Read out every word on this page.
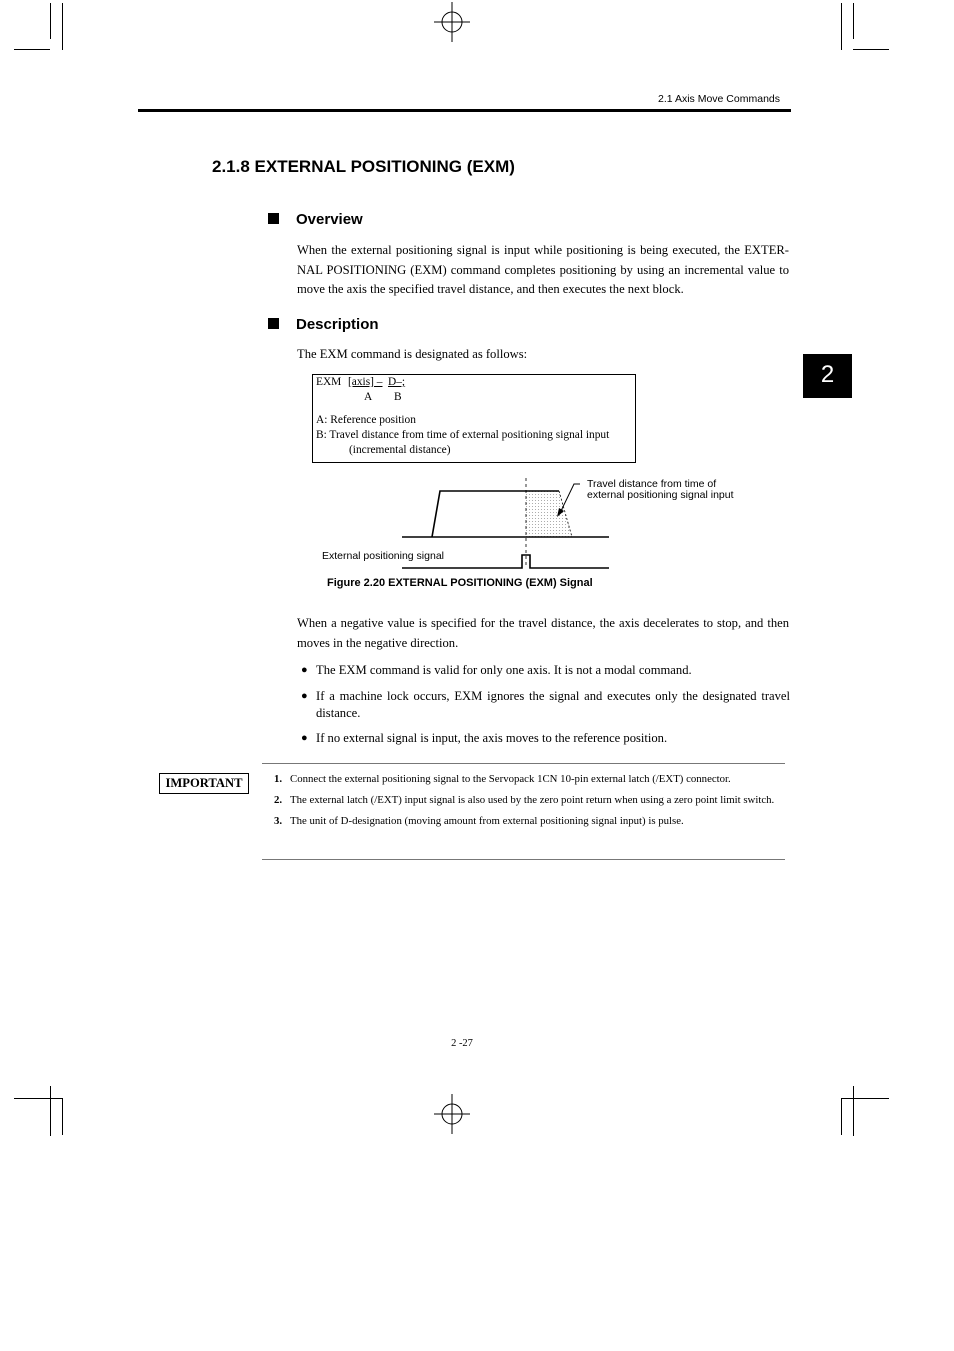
2.1 Axis Move Commands
2
2.1.8 EXTERNAL POSITIONING (EXM)
Overview
When the external positioning signal is input while positioning is being executed, the EXTER-NAL POSITIONING (EXM) command completes positioning by using an incremental value to move the axis the specified travel distance, and then executes the next block.
Description
The EXM command is designated as follows:
EXM [axis] – D–;
A B
A: Reference position
B: Travel distance from time of external positioning signal input
(incremental distance)
Travel distance from time of
external positioning signal input
External positioning signal
Figure 2.20 EXTERNAL POSITIONING (EXM) Signal
When a negative value is specified for the travel distance, the axis decelerates to stop, and then moves in the negative direction.
● The EXM command is valid for only one axis. It is not a modal command.
● If a machine lock occurs, EXM ignores the signal and executes only the designated travel distance.
● If no external signal is input, the axis moves to the reference position.
IMPORTANT	1. Connect the external positioning signal to the Servopack 1CN 10-pin external latch (/EXT) connector.
2. The external latch (/EXT) input signal is also used by the zero point return when using a zero point limit switch.
3. The unit of D-designation (moving amount from external positioning signal input) is pulse.
2 -27
